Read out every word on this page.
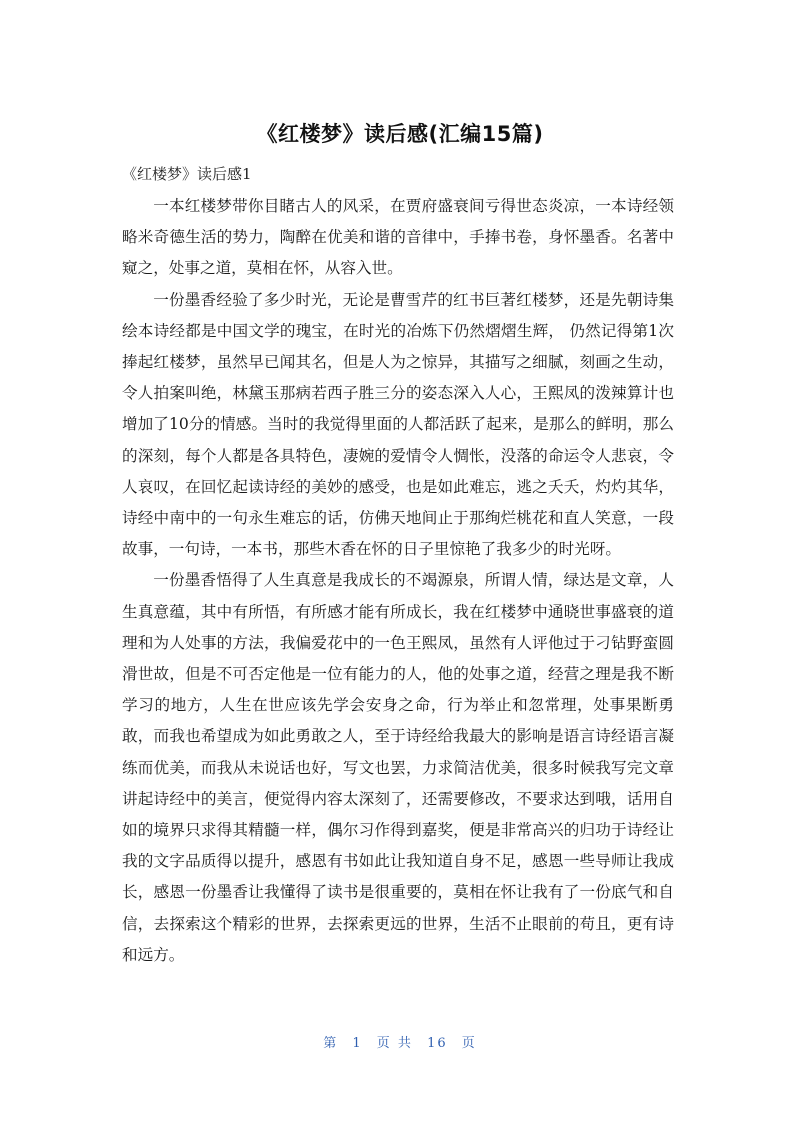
《红楼梦》读后感(汇编15篇)
《红楼梦》读后感1

一本红楼梦带你目睹古人的风采，在贾府盛衰间亏得世态炎凉，一本诗经领略米奇德生活的势力，陶醉在优美和谐的音律中，手捧书卷，身怀墨香。名著中窥之，处事之道，莫相在怀，从容入世。

一份墨香经验了多少时光，无论是曹雪芹的红书巨著红楼梦，还是先朝诗集绘本诗经都是中国文学的瑰宝，在时光的冶炼下仍然熠熠生辉， 仍然记得第1次捧起红楼梦，虽然早已闻其名，但是人为之惊异，其描写之细腻，刻画之生动，令人拍案叫绝，林黛玉那病若西子胜三分的姿态深入人心，王熙凤的泼辣算计也增加了10分的情感。当时的我觉得里面的人都活跃了起来，是那么的鲜明，那么的深刻，每个人都是各具特色，凄婉的爱情令人惆怅，没落的命运令人悲哀，令人哀叹，在回忆起读诗经的美妙的感受，也是如此难忘，逃之夭夭，灼灼其华，诗经中南中的一句永生难忘的话，仿佛天地间止于那绚烂桃花和直人笑意，一段故事，一句诗，一本书，那些木香在怀的日子里惊艳了我多少的时光呀。

一份墨香悟得了人生真意是我成长的不竭源泉，所谓人情，绿达是文章，人生真意蕴，其中有所悟，有所感才能有所成长，我在红楼梦中通晓世事盛衰的道理和为人处事的方法，我偏爱花中的一色王熙凤，虽然有人评他过于刁钻野蛮圆滑世故，但是不可否定他是一位有能力的人，他的处事之道，经营之理是我不断学习的地方，人生在世应该先学会安身之命，行为举止和忽常理，处事果断勇敢，而我也希望成为如此勇敢之人，至于诗经给我最大的影响是语言诗经语言凝练而优美，而我从未说话也好，写文也罢，力求简洁优美，很多时候我写完文章讲起诗经中的美言，便觉得内容太深刻了，还需要修改，不要求达到哦，话用自如的境界只求得其精髓一样，偶尔习作得到嘉奖，便是非常高兴的归功于诗经让我的文字品质得以提升，感恩有书如此让我知道自身不足，感恩一些导师让我成长，感恩一份墨香让我懂得了读书是很重要的，莫相在怀让我有了一份底气和自信，去探索这个精彩的世界，去探索更远的世界，生活不止眼前的苟且，更有诗和远方。

第 1 页 共 16 页
